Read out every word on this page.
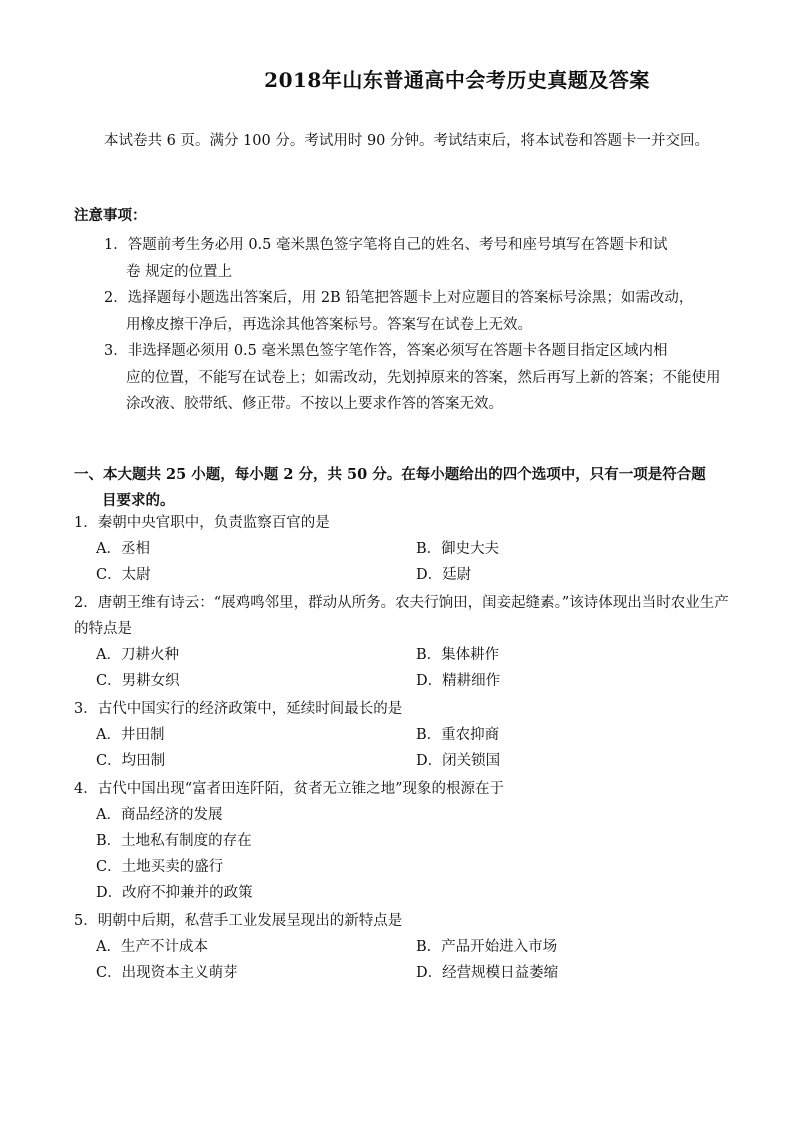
2018年山东普通高中会考历史真题及答案
本试卷共 6 页。满分 100 分。考试用时 90 分钟。考试结束后，将本试卷和答题卡一并交回。
注意事项：
1．答题前考生务必用 0.5 毫米黑色签字笔将自己的姓名、考号和座号填写在答题卡和试
卷 规定的位置上
2．选择题每小题选出答案后，用 2B 铅笔把答题卡上对应题目的答案标号涂黑；如需改动，
用橡皮擦干净后，再选涂其他答案标号。答案写在试卷上无效。
3．非选择题必须用 0.5 毫米黑色签字笔作答，答案必须写在答题卡各题目指定区域内相
应的位置，不能写在试卷上；如需改动，先划掉原来的答案，然后再写上新的答案；不能使用涂改液、胶带纸、修正带。不按以上要求作答的答案无效。
一、本大题共 25 小题，每小题 2 分，共 50 分。在每小题给出的四个选项中，只有一项是符合题
目要求的。
1．秦朝中央官职中，负责监察百官的是
A．丞相	B．御史大夫
C．太尉	D．廷尉
2．唐朝王维有诗云：“展鸡鸣邻里，群动从所务。农夫行饷田，闺妾起缝素。”该诗体现出当时农业生产的特点是
A．刀耕火种	B．集体耕作
C．男耕女织	D．精耕细作
3．古代中国实行的经济政策中，延续时间最长的是
A．井田制	B．重农抑商
C．均田制	D．闭关锁国
4．古代中国出现“富者田连阡陌，贫者无立锥之地”现象的根源在于
A．商品经济的发展
B．土地私有制度的存在
C．土地买卖的盛行
D．改府不抑兼并的政策
5．明朝中后期，私营手工业发展呈现出的新特点是
A．生产不计成本	B．产品开始进入市场
C．出现资本主义萌芽	D．经营规模日益萎缩
